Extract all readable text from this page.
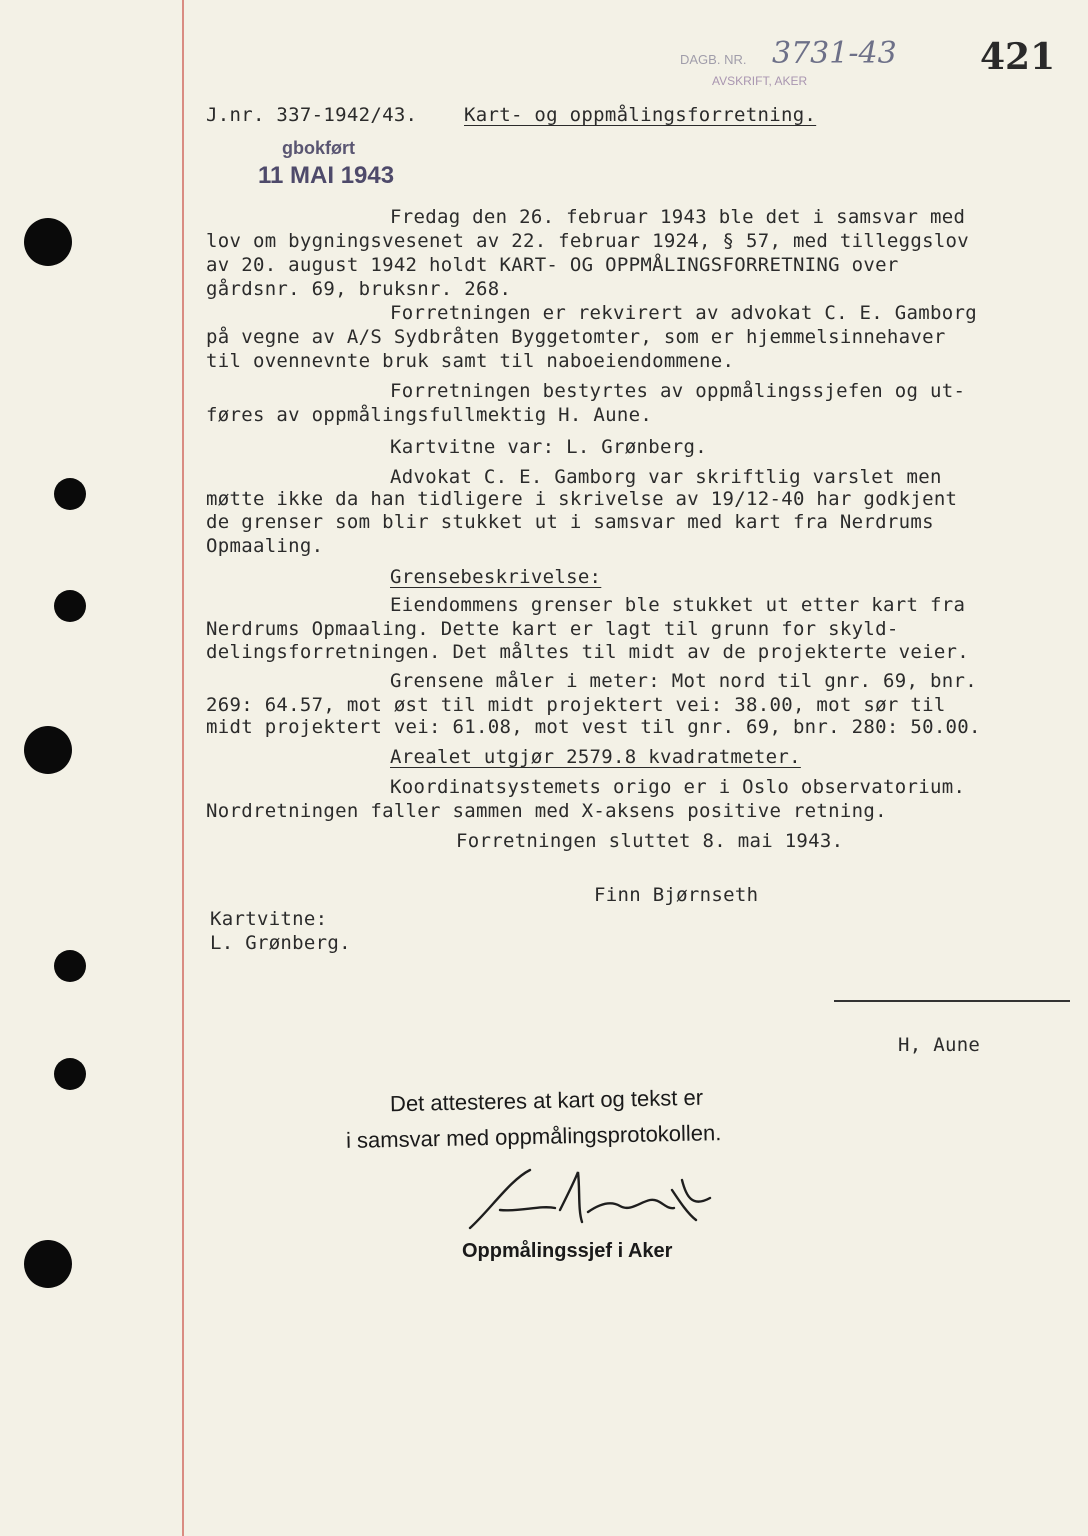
DAGB. NR.
AVSKRIFT, AKER
3731-43 421
J.nr. 337-1942/43. Kart- og oppmålingsforretning.
gbokført
11 MAI 1943
Fredag den 26. februar 1943 ble det i samsvar med
lov om bygningsvesenet av 22. februar 1924, § 57, med tilleggslov
av 20. august 1942 holdt KART- OG OPPMÅLINGSFORRETNING over
gårdsnr. 69, bruksnr. 268.
Forretningen er rekvirert av advokat C. E. Gamborg
på vegne av A/S Sydbråten Byggetomter, som er hjemmelsinnehaver
til ovennevnte bruk samt til naboeiendommene.
Forretningen bestyrtes av oppmålingssjefen og ut-
føres av oppmålingsfullmektig H. Aune.
Kartvitne var: L. Grønberg.
Advokat C. E. Gamborg var skriftlig varslet men
møtte ikke da han tidligere i skrivelse av 19/12-40 har godkjent
de grenser som blir stukket ut i samsvar med kart fra Nerdrums
Opmaaling.
Grensebeskrivelse:
Eiendommens grenser ble stukket ut etter kart fra
Nerdrums Opmaaling. Dette kart er lagt til grunn for skyld-
delingsforretningen. Det måltes til midt av de projekterte veier.
Grensene måler i meter: Mot nord til gnr. 69, bnr.
269: 64.57, mot øst til midt projektert vei: 38.00, mot sør til
midt projektert vei: 61.08, mot vest til gnr. 69, bnr. 280: 50.00.
Arealet utgjør 2579.8 kvadratmeter.
Koordinatsystemets origo er i Oslo observatorium.
Nordretningen faller sammen med X-aksens positive retning.
Forretningen sluttet 8. mai 1943.
Finn Bjørnseth
Kartvitne:
L. Grønberg.
H, Aune
Det attesteres at kart og tekst er
i samsvar med oppmålingsprotokollen.
Oppmålingssjef i Aker
